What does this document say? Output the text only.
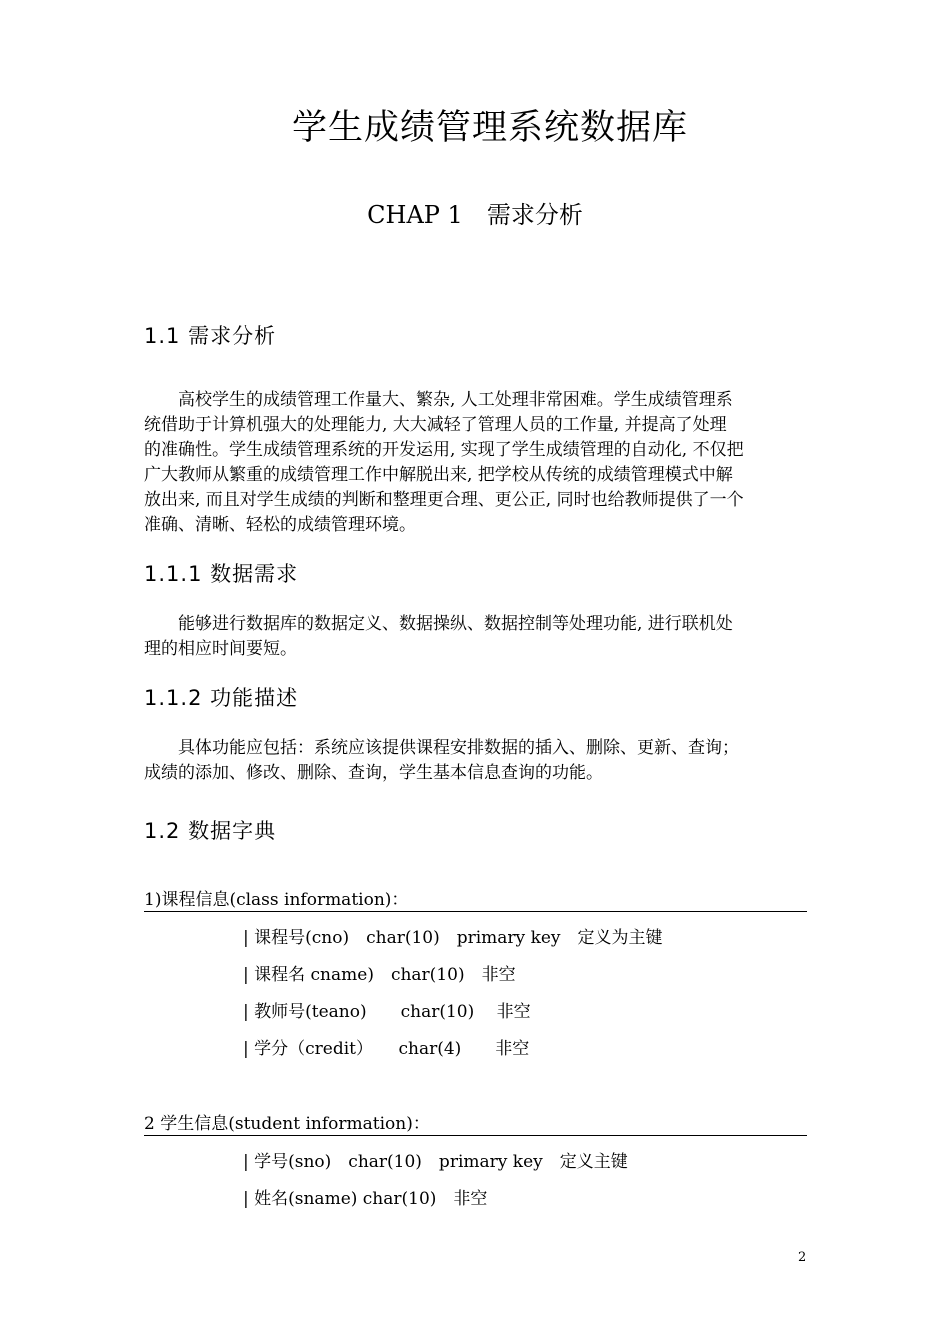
学生成绩管理系统数据库
CHAP 1　需求分析
1.1 需求分析

　　高校学生的成绩管理工作量大、繁杂, 人工处理非常困难。学生成绩管理系

统借助于计算机强大的处理能力, 大大减轻了管理人员的工作量, 并提高了处理

的准确性。学生成绩管理系统的开发运用, 实现了学生成绩管理的自动化, 不仅把

广大教师从繁重的成绩管理工作中解脱出来, 把学校从传统的成绩管理模式中解

放出来, 而且对学生成绩的判断和整理更合理、更公正, 同时也给教师提供了一个

准确、清晰、轻松的成绩管理环境。

1.1.1 数据需求

　　能够进行数据库的数据定义、数据操纵、数据控制等处理功能, 进行联机处

理的相应时间要短。

1.1.2 功能描述

　　具体功能应包括：系统应该提供课程安排数据的插入、删除、更新、查询；

成绩的添加、修改、删除、查询，学生基本信息查询的功能。

1.2 数据字典
1)课程信息(class information)：
| 课程号(cno)　char(10)　primary key　定义为主键
| 课程名 cname)　char(10)　非空
| 教师号(teano)　　char(10)　 非空
| 学分（credit）　　char(4)　　非空
2 学生信息(student information)：
| 学号(sno)　char(10)　primary key　定义主键
| 姓名(sname) char(10)　非空
2
